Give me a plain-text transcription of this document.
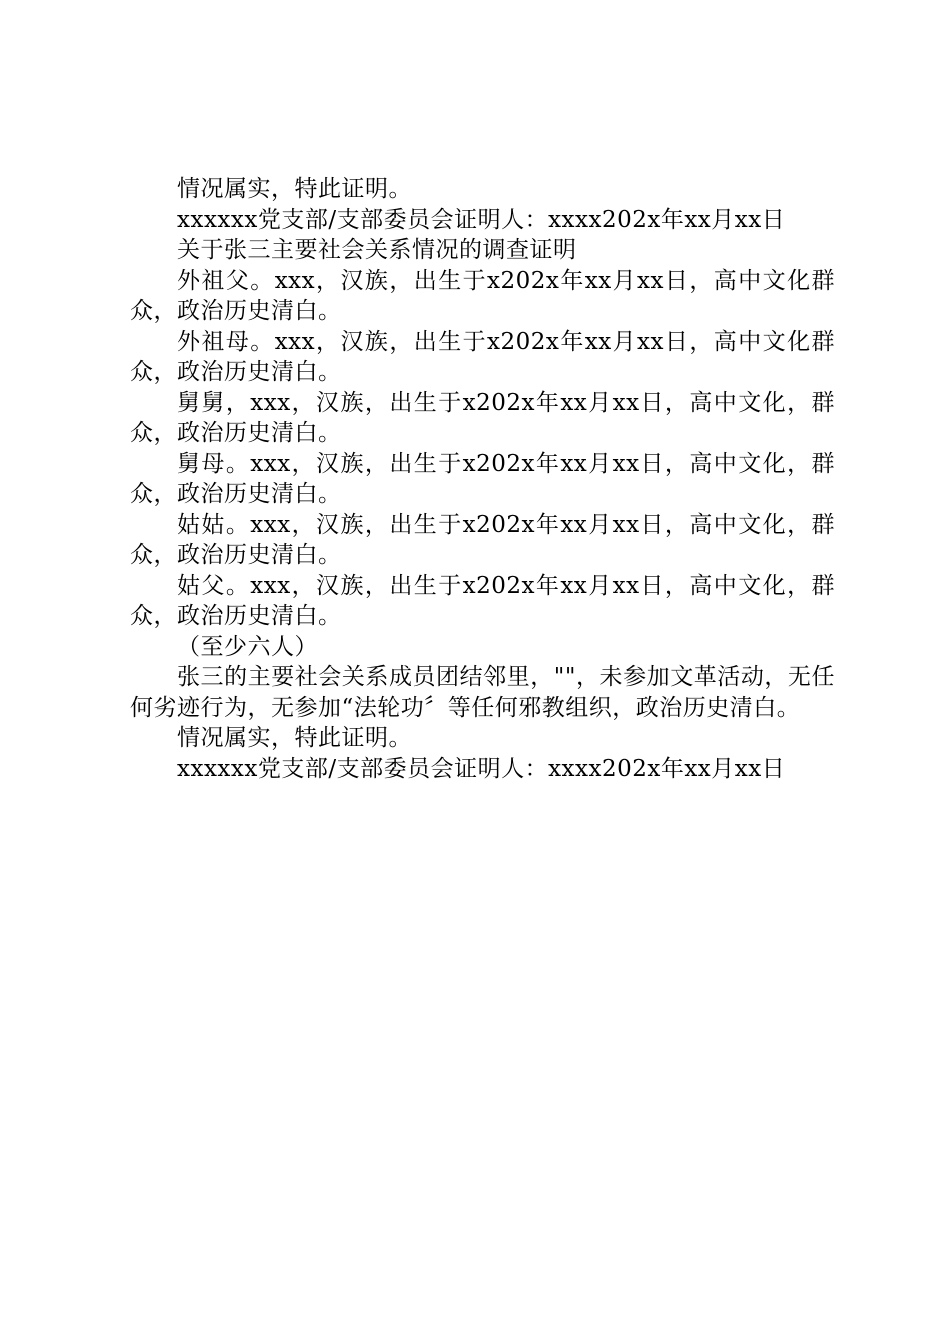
情况属实，特此证明。

xxxxxx党支部/支部委员会证明人：xxxx202x年xx月xx日

关于张三主要社会关系情况的调查证明

外祖父。xxx，汉族，出生于x202x年xx月xx日，高中文化群众，政治历史清白。

外祖母。xxx，汉族，出生于x202x年xx月xx日，高中文化群众，政治历史清白。

舅舅，xxx，汉族，出生于x202x年xx月xx日，高中文化，群众，政治历史清白。

舅母。xxx，汉族，出生于x202x年xx月xx日，高中文化，群众，政治历史清白。

姑姑。xxx，汉族，出生于x202x年xx月xx日，高中文化，群众，政治历史清白。

姑父。xxx，汉族，出生于x202x年xx月xx日，高中文化，群众，政治历史清白。

（至少六人）

张三的主要社会关系成员团结邻里，""，未参加文革活动，无任何劣迹行为，无参加“法轮功〞等任何邪教组织，政治历史清白。

情况属实，特此证明。

xxxxxx党支部/支部委员会证明人：xxxx202x年xx月xx日
